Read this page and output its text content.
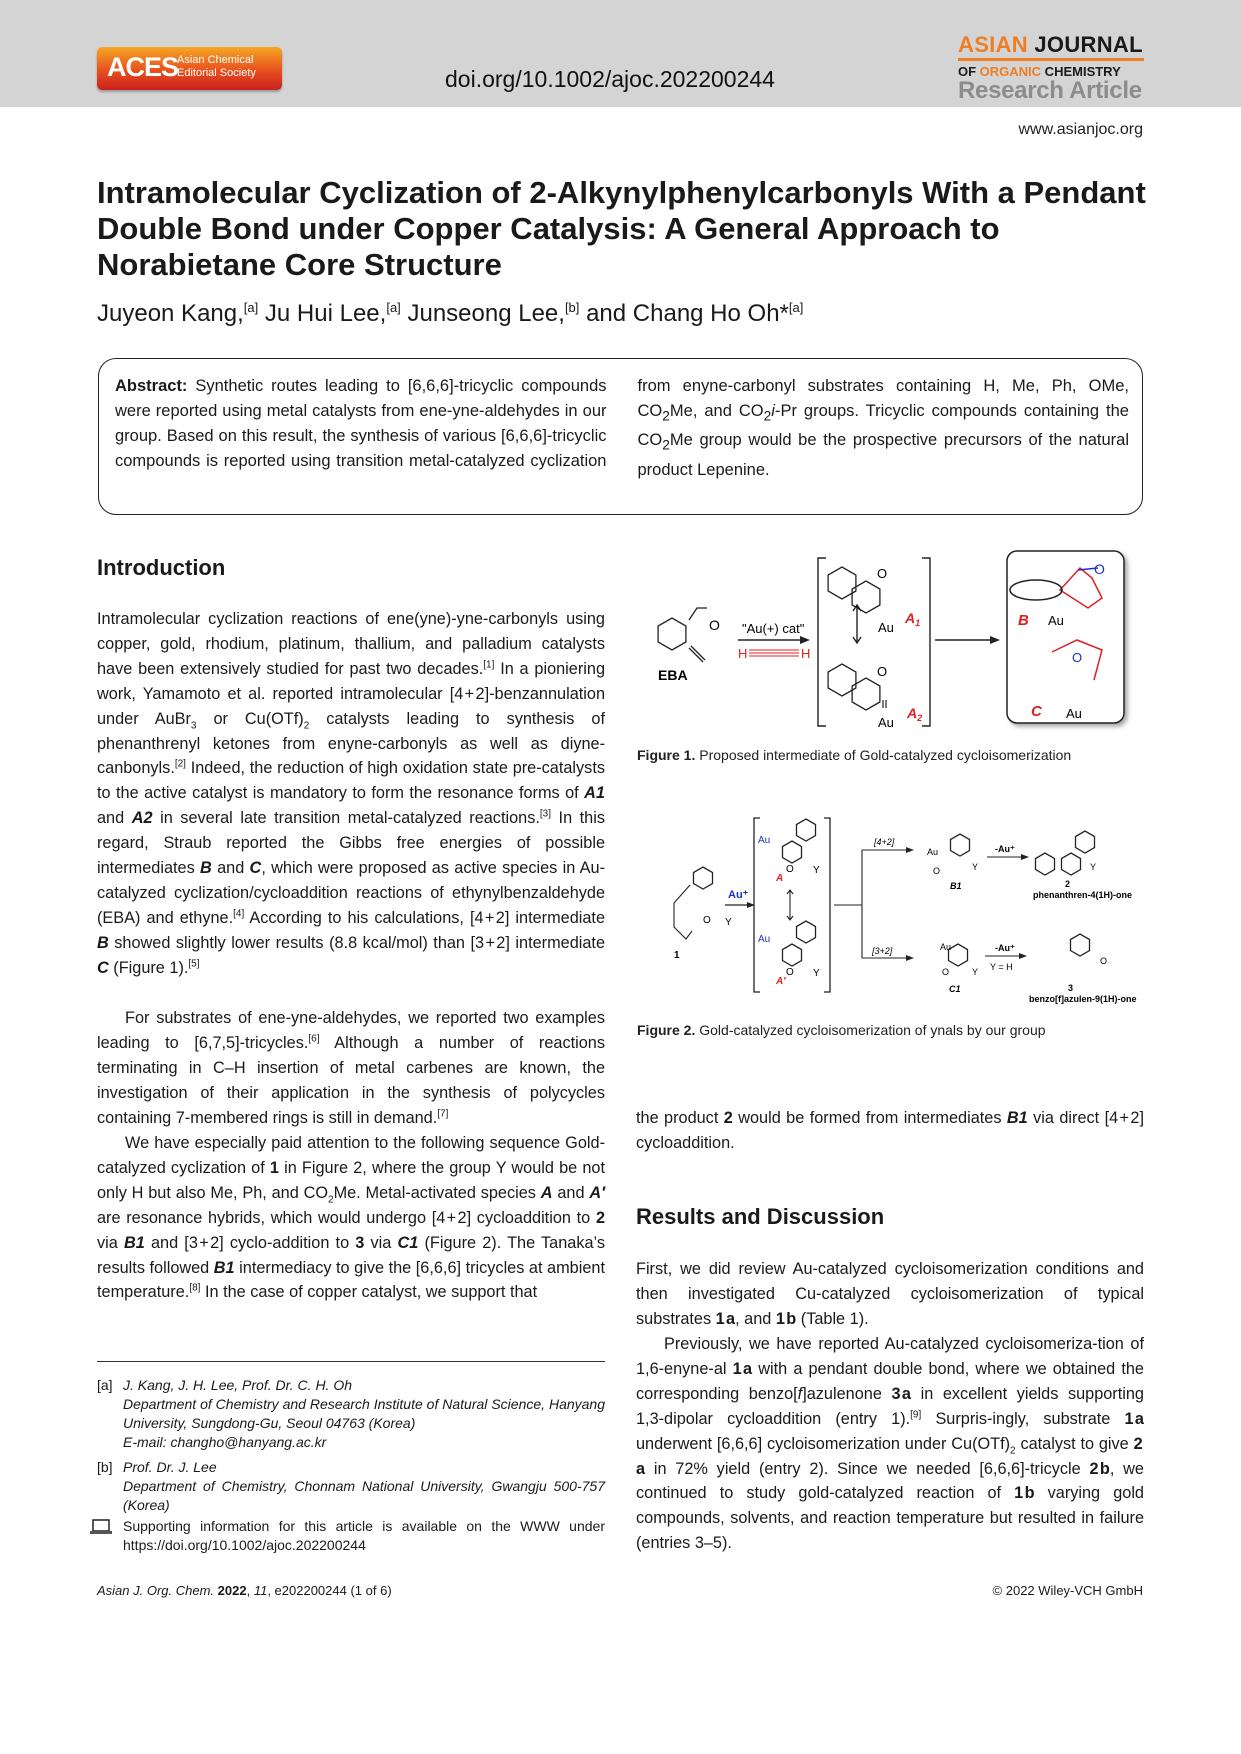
ACES
Asian Chemical
Editorial Society	doi.org/10.1002/ajoc.202200244
ASIAN JOURNAL
OF ORGANIC CHEMISTRY
Research Article
www.asianjoc.org
Intramolecular Cyclization of 2-Alkynylphenylcarbonyls With a Pendant Double Bond under Copper Catalysis: A General Approach to Norabietane Core Structure
Juyeon Kang,[a] Ju Hui Lee,[a] Junseong Lee,[b] and Chang Ho Oh*[a]
Abstract: Synthetic routes leading to [6,6,6]-tricyclic compounds were reported using metal catalysts from ene-yne-aldehydes in our group. Based on this result, the synthesis of various [6,6,6]-tricyclic compounds is reported using transition metal-catalyzed cyclization from enyne-carbonyl substrates containing H, Me, Ph, OMe, $CO_2Me$, and $CO_2i-Pr$ groups. Tricyclic compounds containing the $CO_2Me$ group would be the prospective precursors of the natural product Lepenine.
Introduction
Intramolecular cyclization reactions of ene(yne)-yne-carbonyls using copper, gold, rhodium, platinum, thallium, and palladium catalysts have been extensively studied for past two decades.[1] In a pioniering work, Yamamoto et al. reported intramolecular [4 + 2]-benzannulation under AuBr$_3$ or $Cu(OTf)_2$ catalysts leading to synthesis of phenanthrenyl ketones from enyne-carbonyls as well as diyne-canbonyls.[2] Indeed, the reduction of high oxidation state pre-catalysts to the active catalyst is mandatory to form the resonance forms of A1 and A2 in several late transition metal-catalyzed reactions.[3] In this regard, Straub reported the Gibbs free energies of possible intermediates B and C, which were proposed as active species in Au-catalyzed cyclization/cycloaddition reactions of ethynylbenzaldehyde (EBA) and ethyne.[4] According to his calculations, [4 + 2] intermediate B showed slightly lower results (8.8 kcal/mol) than [3 + 2] intermediate C (Figure 1).[5]
For substrates of ene-yne-aldehydes, we reported two examples leading to [6,7,5]-tricycles.[6] Although a number of reactions terminating in C–H insertion of metal carbenes are known, the investigation of their application in the synthesis of polycycles containing 7-membered rings is still in demand.[7]
We have especially paid attention to the following sequence Gold- catalyzed cyclization of 1 in Figure 2, where the group Y would be not only H but also Me, Ph, and $CO_2Me$. Metal-activated species A and A′ are resonance hybrids, which would undergo [4 + 2] cycloaddition to 2 via B1 and [3 + 2] cyclo-addition to 3 via C1 (Figure 2). The Tanaka’s results followed B1 intermediacy to give the [6,6,6] tricycles at ambient temperature.[8] In the case of copper catalyst, we support that
[a] J. Kang, J. H. Lee, Prof. Dr. C. H. Oh
Department of Chemistry and Research Institute of Natural Science, Hanyang University, Sungdong-Gu, Seoul 04763 (Korea)
E-mail: changho@hanyang.ac.kr
[b] Prof. Dr. J. Lee
Department of Chemistry, Chonnam National University, Gwangju 500-757 (Korea)
Supporting information for this article is available on the WWW under https://doi.org/10.1002/ajoc.202200244
Asian J. Org. Chem. 2022, 11, e202200244 (1 of 6)	© 2022 Wiley-VCH GmbH
O
EBA
"Au(+) cat"
H	H
O
Au
$A_1$
O
Au
$A_2$
O
B Au
O
C Au
Figure 1. Proposed intermediate of Gold-catalyzed cycloisomerization
1
O Y
Au⁺
Au
O Y
A
Au
O Y
A′
[4+2]
[3+2]
Au
O	Y
B1
-Au⁺
2
phenanthren-4(1H)-one
Y
Au
O	Y
C1
-Au⁺
Y = H
3
benzo[f]azulen-9(1H)-one
O
Figure 2. Gold-catalyzed cycloisomerization of ynals by our group
the product 2 would be formed from intermediates B1 via direct [4 + 2] cycloaddition.
Results and Discussion
First, we did review Au-catalyzed cycloisomerization conditions and then investigated Cu-catalyzed cycloisomerization of typical substrates 1 a, and 1 b (Table 1).
Previously, we have reported Au-catalyzed cycloisomeriza-tion of 1,6-enyne-al 1 a with a pendant double bond, where we obtained the corresponding benzo[f]azulenone 3 a in excellent yields supporting 1,3-dipolar cycloaddition (entry 1).[9] Surpris-ingly, substrate 1 a underwent [6,6,6] cycloisomerization under $Cu(OTf)_2$ catalyst to give 2 a in 72% yield (entry 2). Since we needed [6,6,6]-tricycle 2 b, we continued to study gold-catalyzed reaction of 1 b varying gold compounds, solvents, and reaction temperature but resulted in failure (entries 3–5).
